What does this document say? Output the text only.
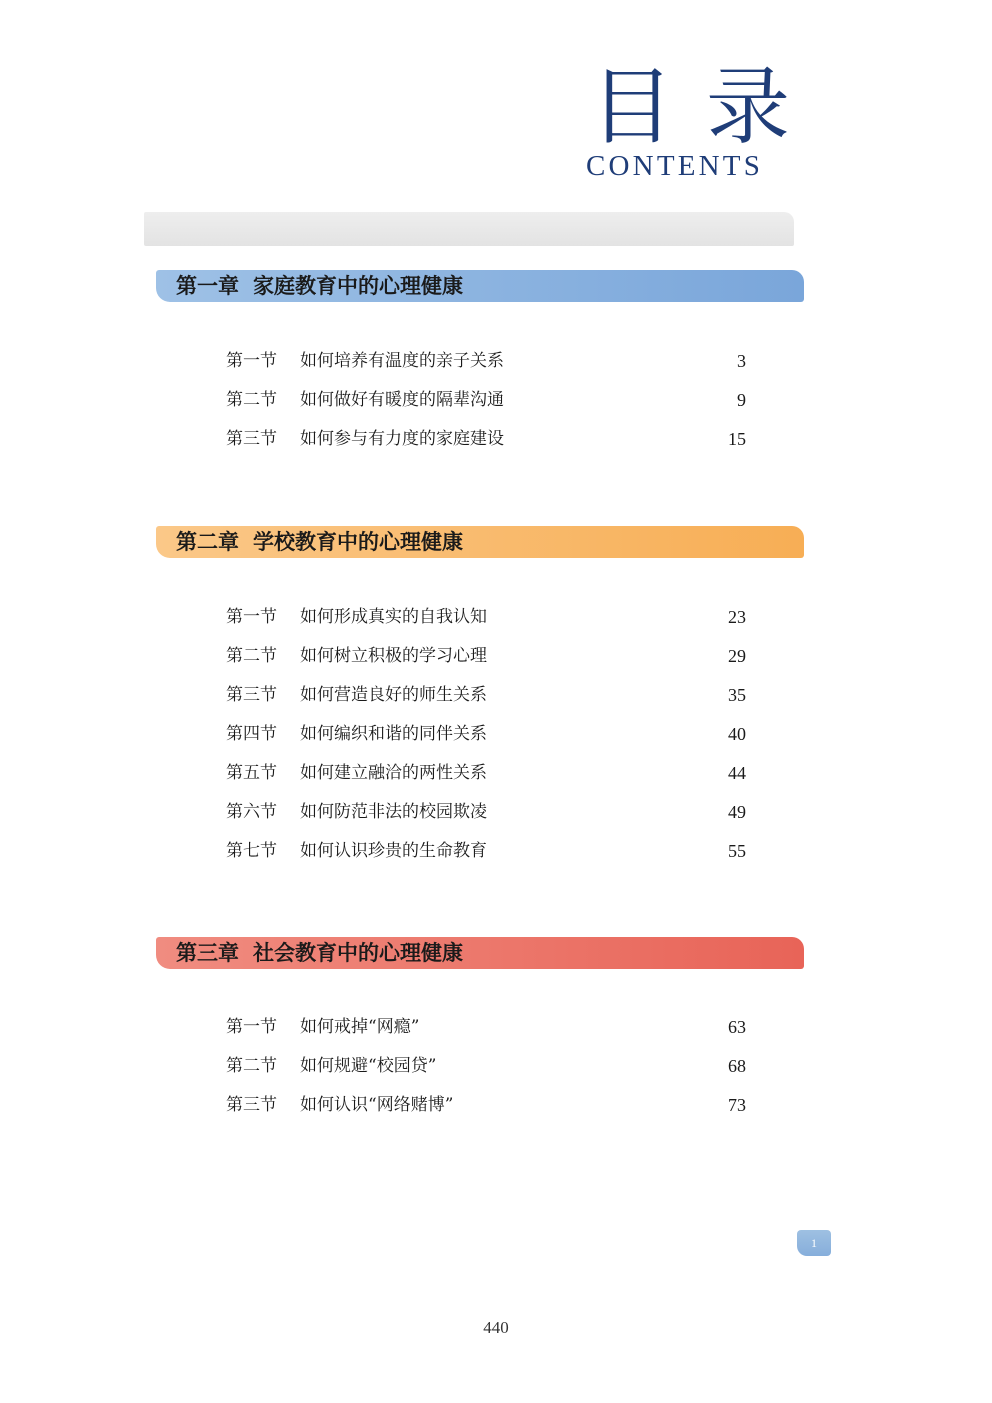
目 录
CONTENTS
第一章 家庭教育中的心理健康
第一节 如何培养有温度的亲子关系	3
第二节 如何做好有暖度的隔辈沟通	9
第三节 如何参与有力度的家庭建设	15
第二章 学校教育中的心理健康
第一节 如何形成真实的自我认知	23
第二节 如何树立积极的学习心理	29
第三节 如何营造良好的师生关系	35
第四节 如何编织和谐的同伴关系	40
第五节 如何建立融洽的两性关系	44
第六节 如何防范非法的校园欺凌	49
第七节 如何认识珍贵的生命教育	55
第三章 社会教育中的心理健康
第一节 如何戒掉“网瘾”	63
第二节 如何规避“校园贷”	68
第三节 如何认识“网络赌博”	73
1
440
